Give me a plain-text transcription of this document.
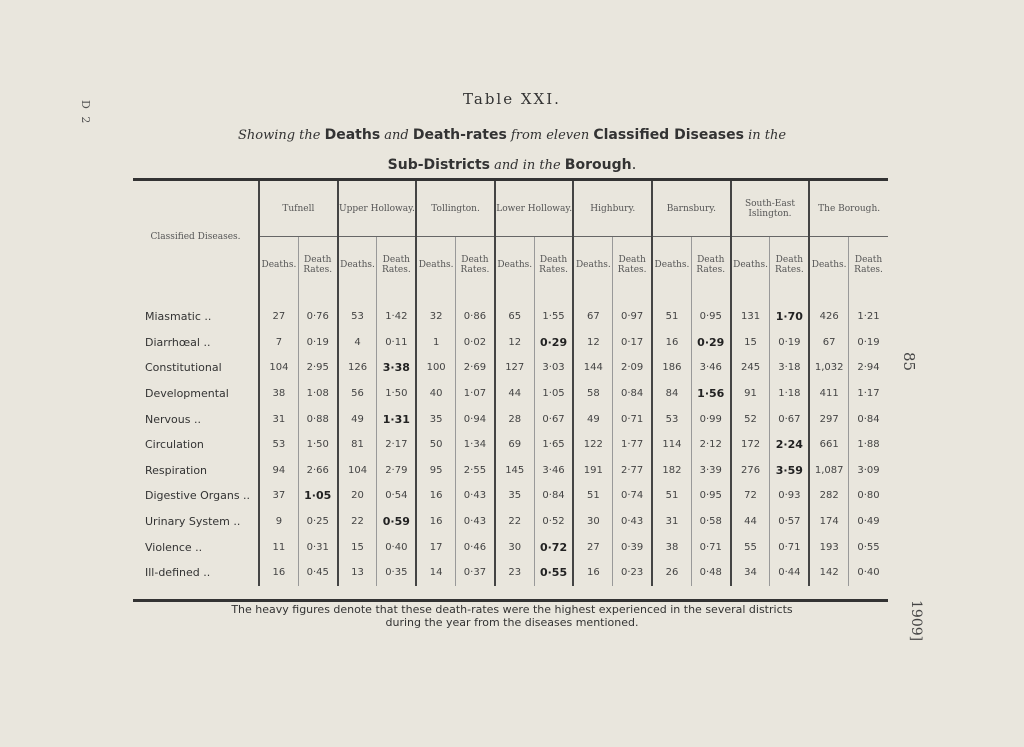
D 2
85
1909]
Table XXI.
Showing the Deaths and Death-rates from eleven Classified Diseases in the
Sub-Districts and in the Borough.
Classified Diseases.	Tufnell		Upper Holloway.		Tollington.		Lower Holloway.		Highbury.		Barnsbury.		South-East Islington.		The Borough.	
	Deaths.	Death Rates.	Deaths.	Death Rates.	Deaths.	Death Rates.	Deaths.	Death Rates.	Deaths.	Death Rates.	Deaths.	Death Rates.	Deaths.	Death Rates.	Deaths.	Death Rates.

Miasmatic ..	27	0·76	53	1·42	32	0·86	65	1·55	67	0·97	51	0·95	131	1·70	426	1·21
Diarrhœal ..	7	0·19	4	0·11	1	0·02	12	0·29	12	0·17	16	0·29	15	0·19	67	0·19
Constitutional	104	2·95	126	3·38	100	2·69	127	3·03	144	2·09	186	3·46	245	3·18	1,032	2·94
Developmental	38	1·08	56	1·50	40	1·07	44	1·05	58	0·84	84	1·56	91	1·18	411	1·17
Nervous ..	31	0·88	49	1·31	35	0·94	28	0·67	49	0·71	53	0·99	52	0·67	297	0·84
Circulation	53	1·50	81	2·17	50	1·34	69	1·65	122	1·77	114	2·12	172	2·24	661	1·88
Respiration	94	2·66	104	2·79	95	2·55	145	3·46	191	2·77	182	3·39	276	3·59	1,087	3·09
Digestive Organs ..	37	1·05	20	0·54	16	0·43	35	0·84	51	0·74	51	0·95	72	0·93	282	0·80
Urinary System ..	9	0·25	22	0·59	16	0·43	22	0·52	30	0·43	31	0·58	44	0·57	174	0·49
Violence ..	11	0·31	15	0·40	17	0·46	30	0·72	27	0·39	38	0·71	55	0·71	193	0·55
Ill-defined ..	16	0·45	13	0·35	14	0·37	23	0·55	16	0·23	26	0·48	34	0·44	142	0·40
The heavy figures denote that these death-rates were the highest experienced in the several districts
during the year from the diseases mentioned.
